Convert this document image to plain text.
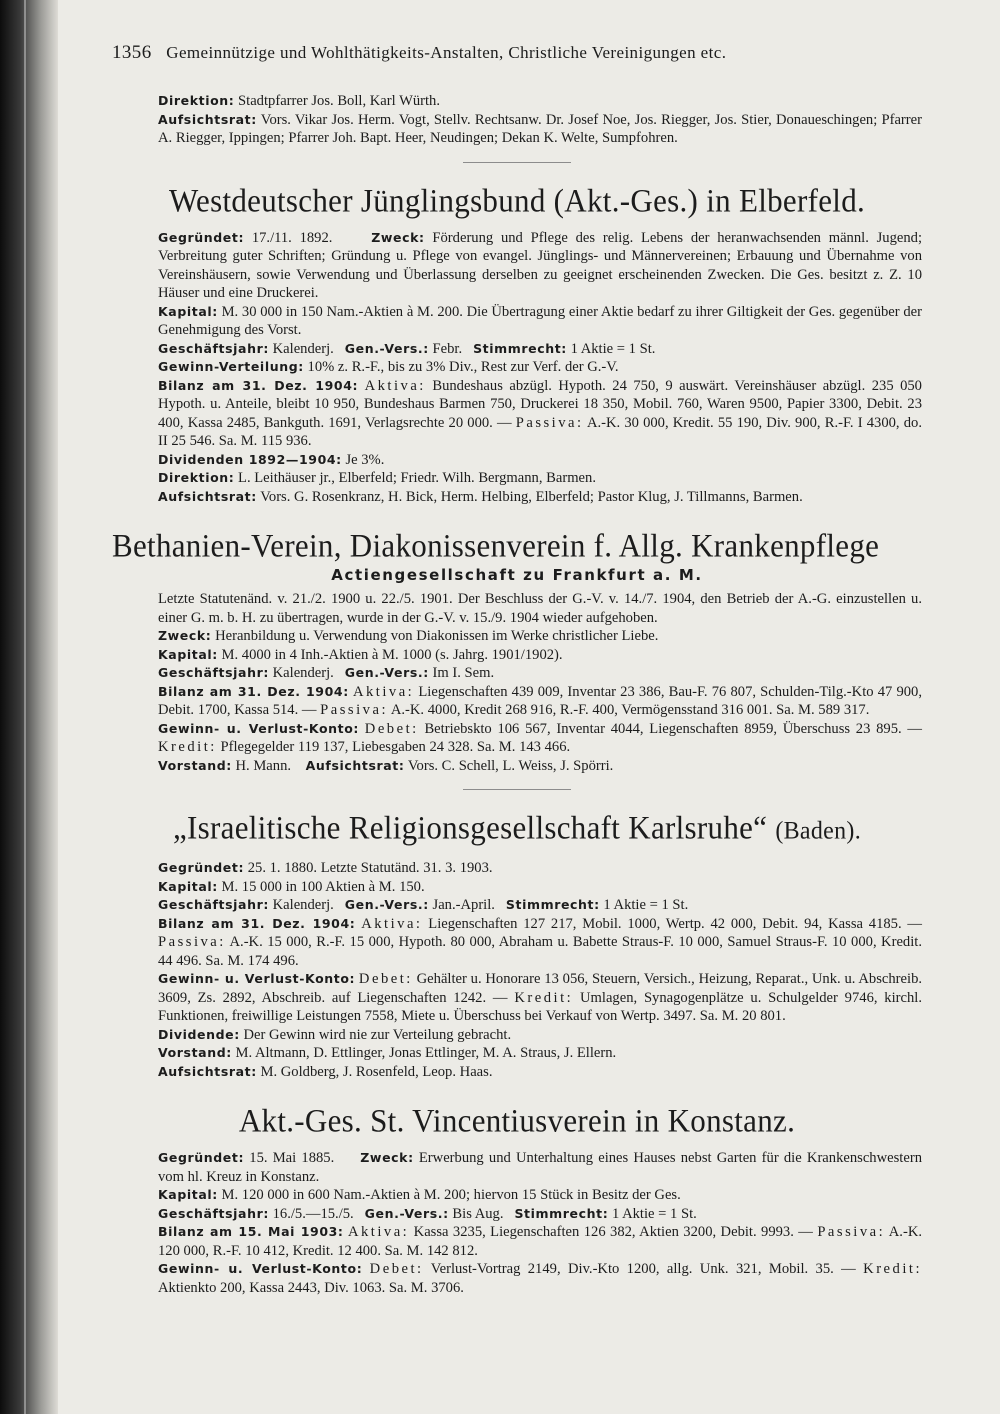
1356 Gemeinnützige und Wohlthätigkeits-Anstalten, Christliche Vereinigungen etc.

Direktion: Stadtpfarrer Jos. Boll, Karl Würth.

Aufsichtsrat: Vors. Vikar Jos. Herm. Vogt, Stellv. Rechtsanw. Dr. Josef Noe, Jos. Riegger, Jos. Stier, Donaueschingen; Pfarrer A. Riegger, Ippingen; Pfarrer Joh. Bapt. Heer, Neudingen; Dekan K. Welte, Sumpfohren.

Westdeutscher Jünglingsbund (Akt.-Ges.) in Elberfeld.

Gegründet: 17./11. 1892.	Zweck: Förderung und Pflege des relig. Lebens der heranwachsenden männl. Jugend; Verbreitung guter Schriften; Gründung u. Pflege von evangel. Jünglings- und Männervereinen; Erbauung und Übernahme von Vereinshäusern, sowie Verwendung und Überlassung derselben zu geeignet erscheinenden Zwecken. Die Ges. besitzt z. Z. 10 Häuser und eine Druckerei.

Kapital: M. 30 000 in 150 Nam.-Aktien à M. 200. Die Übertragung einer Aktie bedarf zu ihrer Giltigkeit der Ges. gegenüber der Genehmigung des Vorst.

Geschäftsjahr: Kalenderj. Gen.-Vers.: Febr. Stimmrecht: 1 Aktie = 1 St.

Gewinn-Verteilung: 10% z. R.-F., bis zu 3% Div., Rest zur Verf. der G.-V.

Bilanz am 31. Dez. 1904: Aktiva: Bundeshaus abzügl. Hypoth. 24 750, 9 auswärt. Vereinshäuser abzügl. 235 050 Hypoth. u. Anteile, bleibt 10 950, Bundeshaus Barmen 750, Druckerei 18 350, Mobil. 760, Waren 9500, Papier 3300, Debit. 23 400, Kassa 2485, Bankguth. 1691, Verlagsrechte 20 000. — Passiva: A.-K. 30 000, Kredit. 55 190, Div. 900, R.-F. I 4300, do. II 25 546. Sa. M. 115 936.

Dividenden 1892—1904: Je 3%.

Direktion: L. Leithäuser jr., Elberfeld; Friedr. Wilh. Bergmann, Barmen.

Aufsichtsrat: Vors. G. Rosenkranz, H. Bick, Herm. Helbing, Elberfeld; Pastor Klug, J. Tillmanns, Barmen.

Bethanien-Verein, Diakonissenverein f. Allg. Krankenpflege
Actiengesellschaft zu Frankfurt a. M.

Letzte Statutenänd. v. 21./2. 1900 u. 22./5. 1901. Der Beschluss der G.-V. v. 14./7. 1904, den Betrieb der A.-G. einzustellen u. einer G. m. b. H. zu übertragen, wurde in der G.-V. v. 15./9. 1904 wieder aufgehoben.

Zweck: Heranbildung u. Verwendung von Diakonissen im Werke christlicher Liebe.

Kapital: M. 4000 in 4 Inh.-Aktien à M. 1000 (s. Jahrg. 1901/1902).

Geschäftsjahr: Kalenderj. Gen.-Vers.: Im I. Sem.

Bilanz am 31. Dez. 1904: Aktiva: Liegenschaften 439 009, Inventar 23 386, Bau-F. 76 807, Schulden-Tilg.-Kto 47 900, Debit. 1700, Kassa 514. — Passiva: A.-K. 4000, Kredit 268 916, R.-F. 400, Vermögensstand 316 001. Sa. M. 589 317.

Gewinn- u. Verlust-Konto: Debet: Betriebskto 106 567, Inventar 4044, Liegenschaften 8959, Überschuss 23 895. — Kredit: Pflegegelder 119 137, Liebesgaben 24 328. Sa. M. 143 466.

Vorstand: H. Mann. Aufsichtsrat: Vors. C. Schell, L. Weiss, J. Spörri.

„Israelitische Religionsgesellschaft Karlsruhe“ (Baden).

Gegründet: 25. 1. 1880. Letzte Statutänd. 31. 3. 1903.

Kapital: M. 15 000 in 100 Aktien à M. 150.

Geschäftsjahr: Kalenderj. Gen.-Vers.: Jan.-April. Stimmrecht: 1 Aktie = 1 St.

Bilanz am 31. Dez. 1904: Aktiva: Liegenschaften 127 217, Mobil. 1000, Wertp. 42 000, Debit. 94, Kassa 4185. — Passiva: A.-K. 15 000, R.-F. 15 000, Hypoth. 80 000, Abraham u. Babette Straus-F. 10 000, Samuel Straus-F. 10 000, Kredit. 44 496. Sa. M. 174 496.

Gewinn- u. Verlust-Konto: Debet: Gehälter u. Honorare 13 056, Steuern, Versich., Heizung, Reparat., Unk. u. Abschreib. 3609, Zs. 2892, Abschreib. auf Liegenschaften 1242. — Kredit: Umlagen, Synagogenplätze u. Schulgelder 9746, kirchl. Funktionen, freiwillige Leistungen 7558, Miete u. Überschuss bei Verkauf von Wertp. 3497. Sa. M. 20 801.

Dividende: Der Gewinn wird nie zur Verteilung gebracht.

Vorstand: M. Altmann, D. Ettlinger, Jonas Ettlinger, M. A. Straus, J. Ellern.

Aufsichtsrat: M. Goldberg, J. Rosenfeld, Leop. Haas.

Akt.-Ges. St. Vincentiusverein in Konstanz.

Gegründet: 15. Mai 1885. Zweck: Erwerbung und Unterhaltung eines Hauses nebst Garten für die Krankenschwestern vom hl. Kreuz in Konstanz.

Kapital: M. 120 000 in 600 Nam.-Aktien à M. 200; hiervon 15 Stück in Besitz der Ges.

Geschäftsjahr: 16./5.—15./5. Gen.-Vers.: Bis Aug. Stimmrecht: 1 Aktie = 1 St.

Bilanz am 15. Mai 1903: Aktiva: Kassa 3235, Liegenschaften 126 382, Aktien 3200, Debit. 9993. — Passiva: A.-K. 120 000, R.-F. 10 412, Kredit. 12 400. Sa. M. 142 812.

Gewinn- u. Verlust-Konto: Debet: Verlust-Vortrag 2149, Div.-Kto 1200, allg. Unk. 321, Mobil. 35. — Kredit: Aktienkto 200, Kassa 2443, Div. 1063. Sa. M. 3706.
